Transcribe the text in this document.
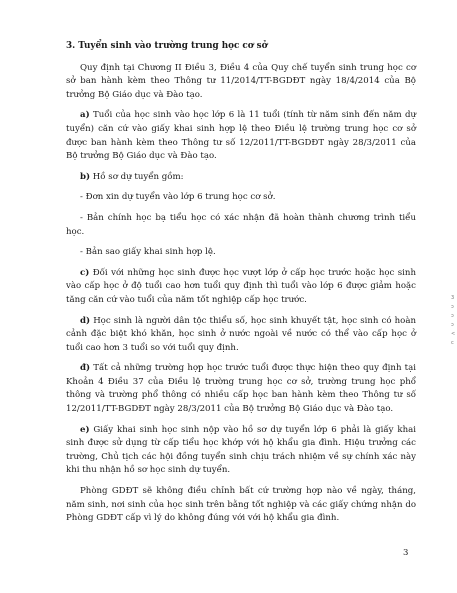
3. Tuyển sinh vào trường trung học cơ sở

Quy định tại Chương II Điều 3, Điều 4 của Quy chế tuyển sinh trung học cơ sở ban hành kèm theo Thông tư 11/2014/TT-BGDĐT ngày 18/4/2014 của Bộ trưởng Bộ Giáo dục và Đào tạo.

a) Tuổi của học sinh vào học lớp 6 là 11 tuổi (tính từ năm sinh đến năm dự tuyển) căn cứ vào giấy khai sinh hợp lệ theo Điều lệ trường trung học cơ sở được ban hành kèm theo Thông tư số 12/2011/TT-BGDĐT ngày 28/3/2011 của Bộ trưởng Bộ Giáo dục và Đào tạo.

b) Hồ sơ dự tuyển gồm:

- Đơn xin dự tuyển vào lớp 6 trung học cơ sở.

- Bản chính học bạ tiểu học có xác nhận đã hoàn thành chương trình tiểu học.

- Bản sao giấy khai sinh hợp lệ.

c) Đối với những học sinh được học vượt lớp ở cấp học trước hoặc học sinh vào cấp học ở độ tuổi cao hơn tuổi quy định thì tuổi vào lớp 6 được giảm hoặc tăng căn cứ vào tuổi của năm tốt nghiệp cấp học trước.

d) Học sinh là người dân tộc thiểu số, học sinh khuyết tật, học sinh có hoàn cảnh đặc biệt khó khăn, học sinh ở nước ngoài về nước có thể vào cấp học ở tuổi cao hơn 3 tuổi so với tuổi quy định.

đ) Tất cả những trường hợp học trước tuổi được thực hiện theo quy định tại Khoản 4 Điều 37 của Điều lệ trường trung học cơ sở, trường trung học phổ thông và trường phổ thông có nhiều cấp học ban hành kèm theo Thông tư số 12/2011/TT-BGDĐT ngày 28/3/2011 của Bộ trưởng Bộ Giáo dục và Đào tạo.

e) Giấy khai sinh học sinh nộp vào hồ sơ dự tuyển lớp 6 phải là giấy khai sinh được sử dụng từ cấp tiểu học khớp với hộ khẩu gia đình. Hiệu trưởng các trường, Chủ tịch các hội đồng tuyển sinh chịu trách nhiệm về sự chính xác này khi thu nhận hồ sơ học sinh dự tuyển.

Phòng GDĐT sẽ không điều chỉnh bất cứ trường hợp nào về ngày, tháng, năm sinh, nơi sinh của học sinh trên bằng tốt nghiệp và các giấy chứng nhận do Phòng GDĐT cấp vì lý do không đúng với với hộ khẩu gia đình.

3
3
ɔ
ɔ
ɔ
<
c
